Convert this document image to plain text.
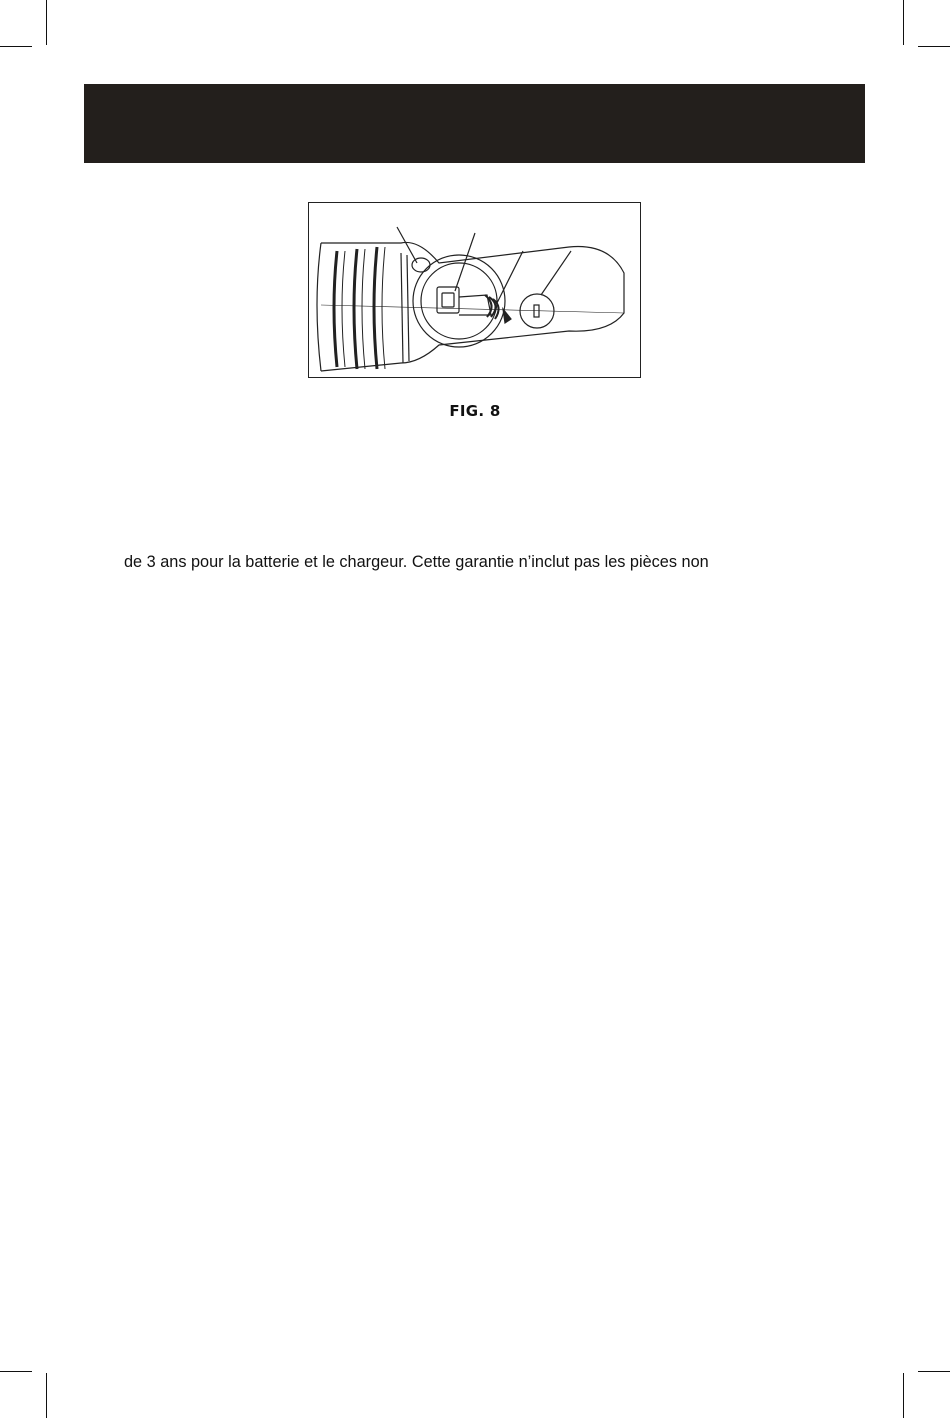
FIG. 8
de 3 ans pour la batterie et le chargeur. Cette garantie n’inclut pas les pièces non
